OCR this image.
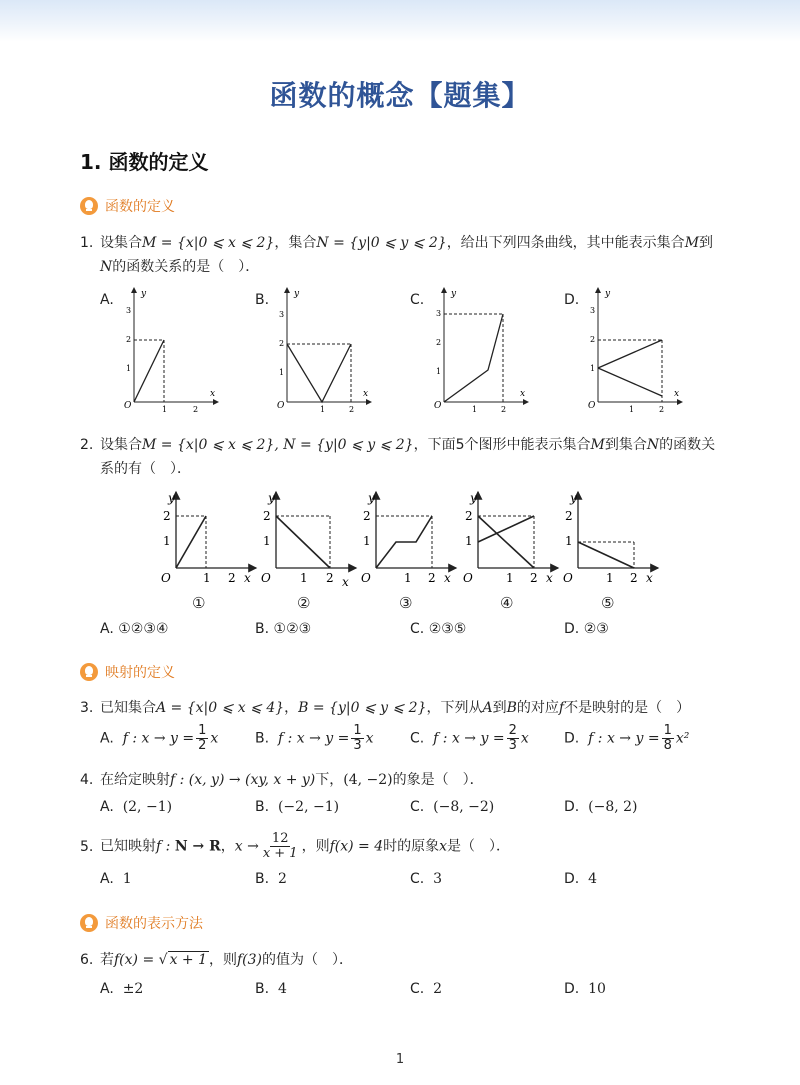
函数的概念【题集】
1. 函数的定义
函数的定义
1. 设集合M = {x|0 ⩽ x ⩽ 2}，集合N = {y|0 ⩽ y ⩽ 2}，给出下列四条曲线，其中能表示集合M到
N的函数关系的是（　）．
A.	B.	C.	D.
O
y
x
3
2
1
1	2	O
y
x
3
2
1
1	2	O
y
x
3
2
1
1	2	O
y
x
3
2
1
1	2
2. 设集合M = {x|0 ⩽ x ⩽ 2}, N = {y|0 ⩽ y ⩽ 2}，下面5个图形中能表示集合M到集合N的函数关
系的有（　）．
O
y
2
1
1 2 x O
y
2
1
1 2 x O
y
2
1
1 2 x O
y
2
1
1 2 x O
y
2
1
1 2 x
①	②	③	④	⑤
A. ①②③④	B. ①②③	C. ②③⑤	D. ②③
映射的定义
3. 已知集合A = {x|0 ⩽ x ⩽ 4}，B = {y|0 ⩽ y ⩽ 2}，下列从A到B的对应f不是映射的是（　）
A. f : $x \to y = \frac{1}{2}$ x	B. f : $x \to y = \frac{1}{3}$ x	C. f : $x \to y = \frac{2}{3}$ x	D. f : $x \to y = \frac{1}{8} x^2$
4. 在给定映射f : (x, y) → (xy, x + y)下，(4, −2)的象是（　）．
A. (2, −1)	B. (−2, −1)	C. (−8, −2)	D. (−8, 2)
5. 已知映射f : N → R，$x \to \frac{12}{x + 1}$ ，则f(x) = 4时的原象x是（　）．
A. 1	B. 2	C. 3	D. 4
函数的表示方法
6. 若f(x) = √ x + 1 ，则f(3)的值为（　）．
A. ±2	B. 4	C. 2	D. 10
1
